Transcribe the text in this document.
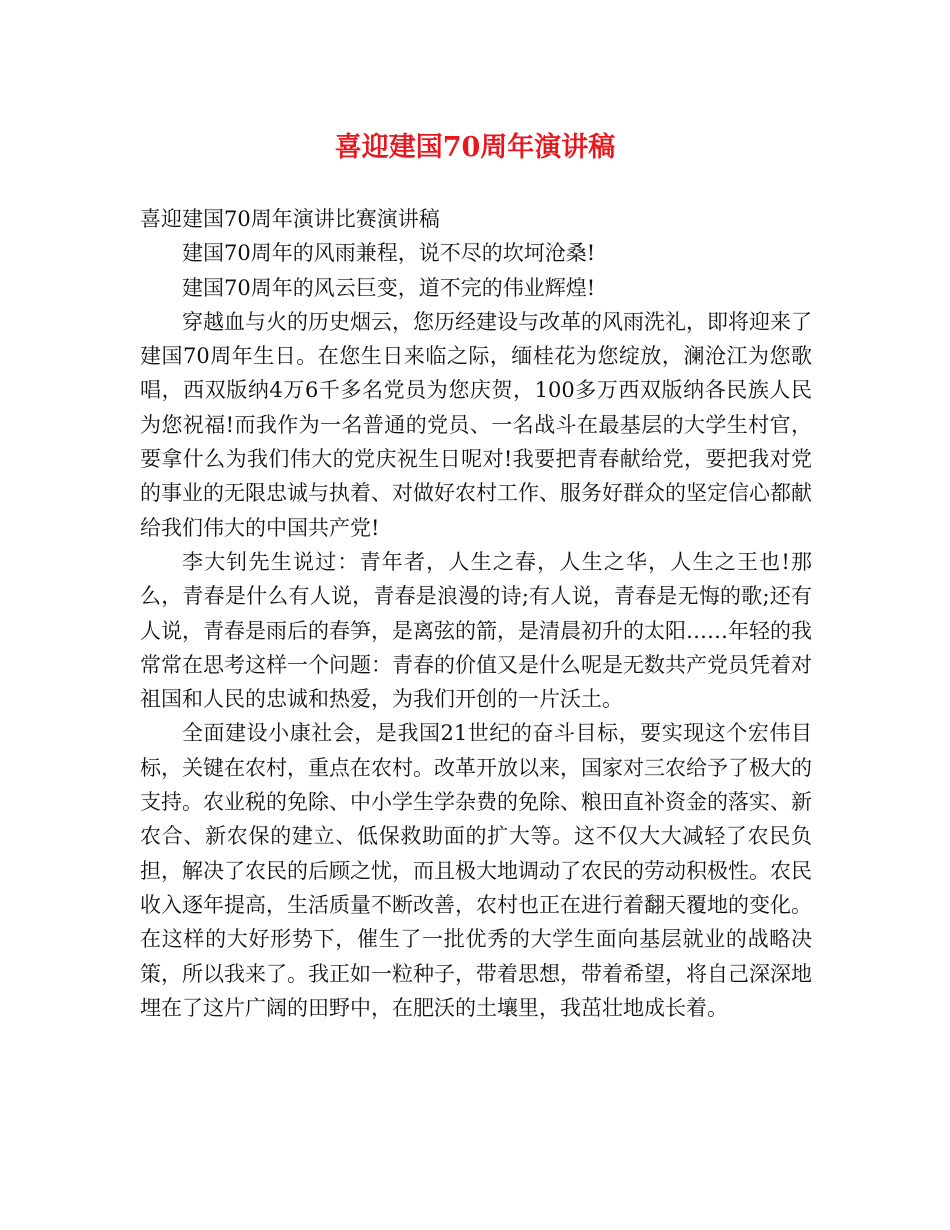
喜迎建国70周年演讲稿

喜迎建国70周年演讲比赛演讲稿

建国70周年的风雨兼程，说不尽的坎坷沧桑!

建国70周年的风云巨变，道不完的伟业辉煌!

穿越血与火的历史烟云，您历经建设与改革的风雨洗礼，即将迎来了建国70周年生日。在您生日来临之际，缅桂花为您绽放，澜沧江为您歌唱，西双版纳4万6千多名党员为您庆贺，100多万西双版纳各民族人民为您祝福!而我作为一名普通的党员、一名战斗在最基层的大学生村官，要拿什么为我们伟大的党庆祝生日呢对!我要把青春献给党，要把我对党的事业的无限忠诚与执着、对做好农村工作、服务好群众的坚定信心都献给我们伟大的中国共产党!

李大钊先生说过：青年者，人生之春，人生之华，人生之王也!那么，青春是什么有人说，青春是浪漫的诗;有人说，青春是无悔的歌;还有人说，青春是雨后的春笋，是离弦的箭，是清晨初升的太阳……年轻的我常常在思考这样一个问题：青春的价值又是什么呢是无数共产党员凭着对祖国和人民的忠诚和热爱，为我们开创的一片沃土。

全面建设小康社会，是我国21世纪的奋斗目标，要实现这个宏伟目标，关键在农村，重点在农村。改革开放以来，国家对三农给予了极大的支持。农业税的免除、中小学生学杂费的免除、粮田直补资金的落实、新农合、新农保的建立、低保救助面的扩大等。这不仅大大减轻了农民负担，解决了农民的后顾之忧，而且极大地调动了农民的劳动积极性。农民收入逐年提高，生活质量不断改善，农村也正在进行着翻天覆地的变化。在这样的大好形势下，催生了一批优秀的大学生面向基层就业的战略决策，所以我来了。我正如一粒种子，带着思想，带着希望，将自己深深地埋在了这片广阔的田野中，在肥沃的土壤里，我茁壮地成长着。
